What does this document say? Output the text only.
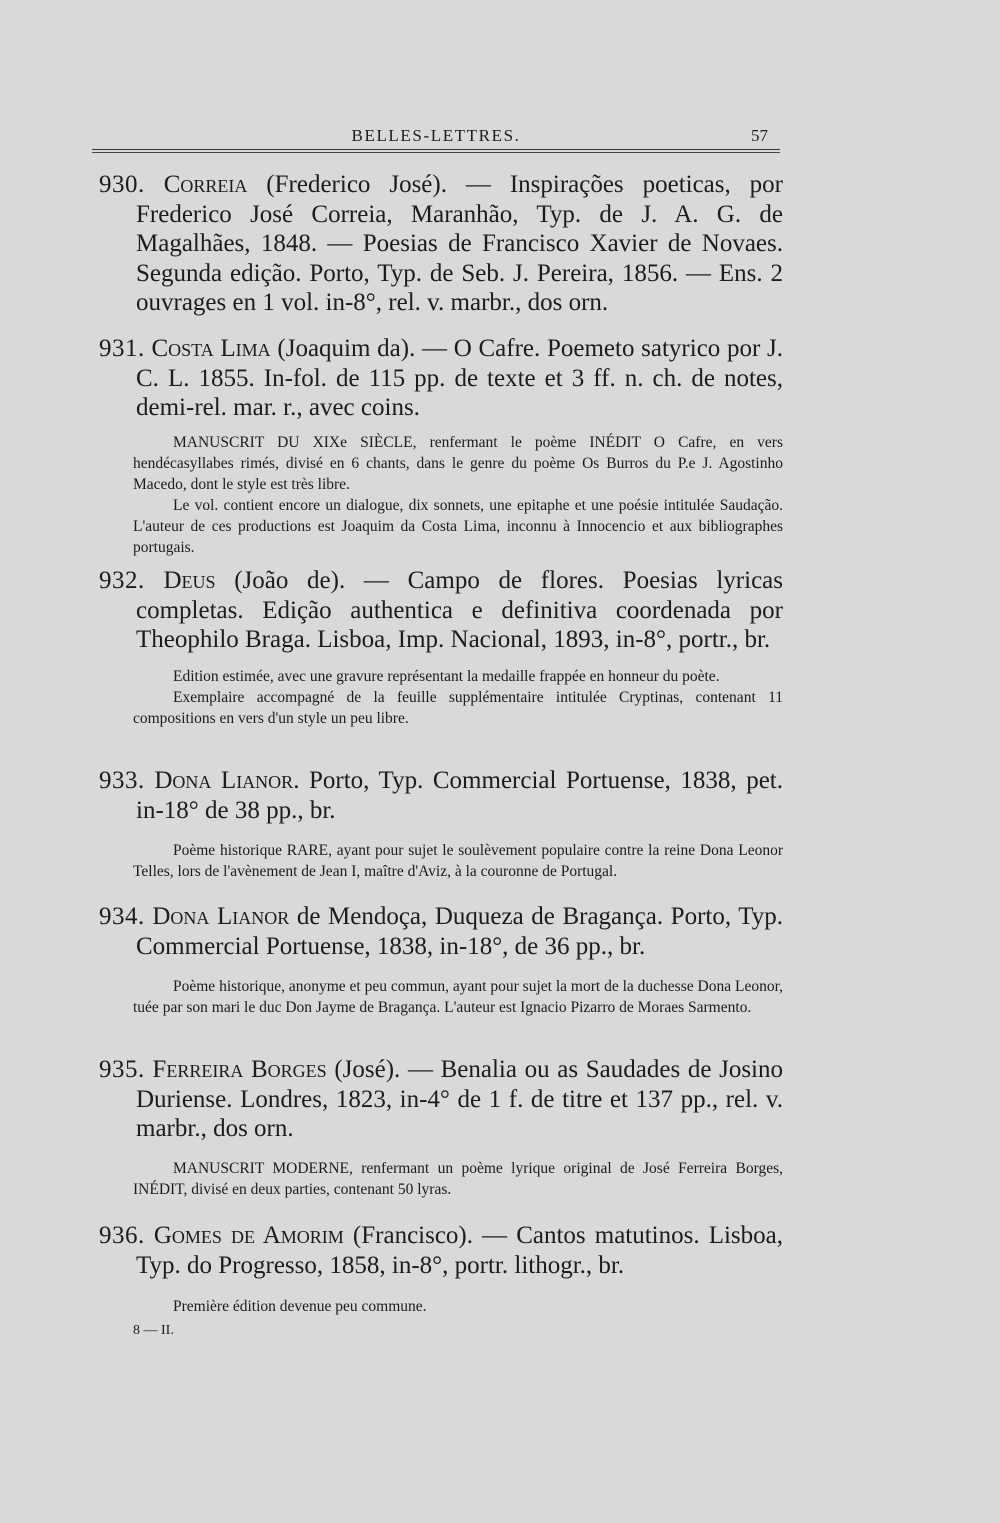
BELLES-LETTRES.	57

930. Correia (Frederico José). — Inspirações poeticas, por Frederico José Correia, Maranhão, Typ. de J. A. G. de Magalhães, 1848. — Poesias de Francisco Xavier de Novaes. Segunda edição. Porto, Typ. de Seb. J. Pereira, 1856. — Ens. 2 ouvrages en 1 vol. in-8°, rel. v. marbr., dos orn.

931. Costa Lima (Joaquim da). — O Cafre. Poemeto satyrico por J. C. L. 1855. In-fol. de 115 pp. de texte et 3 ff. n. ch. de notes, demi-rel. mar. r., avec coins.

MANUSCRIT DU XIXe SIÈCLE, renfermant le poème INÉDIT O Cafre, en vers hendécasyllabes rimés, divisé en 6 chants, dans le genre du poème Os Burros du P.e J. Agostinho Macedo, dont le style est très libre.

Le vol. contient encore un dialogue, dix sonnets, une epitaphe et une poésie intitulée Saudação. L'auteur de ces productions est Joaquim da Costa Lima, inconnu à Innocencio et aux bibliographes portugais.

932. Deus (João de). — Campo de flores. Poesias lyricas completas. Edição authentica e definitiva coordenada por Theophilo Braga. Lisboa, Imp. Nacional, 1893, in-8°, portr., br.

Edition estimée, avec une gravure représentant la medaille frappée en honneur du poète.

Exemplaire accompagné de la feuille supplémentaire intitulée Cryptinas, contenant 11 compositions en vers d'un style un peu libre.

933. Dona Lianor. Porto, Typ. Commercial Portuense, 1838, pet. in-18° de 38 pp., br.

Poème historique RARE, ayant pour sujet le soulèvement populaire contre la reine Dona Leonor Telles, lors de l'avènement de Jean I, maître d'Aviz, à la couronne de Portugal.

934. Dona Lianor de Mendoça, Duqueza de Bragança. Porto, Typ. Commercial Portuense, 1838, in-18°, de 36 pp., br.

Poème historique, anonyme et peu commun, ayant pour sujet la mort de la duchesse Dona Leonor, tuée par son mari le duc Don Jayme de Bragança. L'auteur est Ignacio Pizarro de Moraes Sarmento.

935. Ferreira Borges (José). — Benalia ou as Saudades de Josino Duriense. Londres, 1823, in-4° de 1 f. de titre et 137 pp., rel. v. marbr., dos orn.

MANUSCRIT MODERNE, renfermant un poème lyrique original de José Ferreira Borges, INÉDIT, divisé en deux parties, contenant 50 lyras.

936. Gomes de Amorim (Francisco). — Cantos matutinos. Lisboa, Typ. do Progresso, 1858, in-8°, portr. lithogr., br.

Première édition devenue peu commune.

8 — II.
